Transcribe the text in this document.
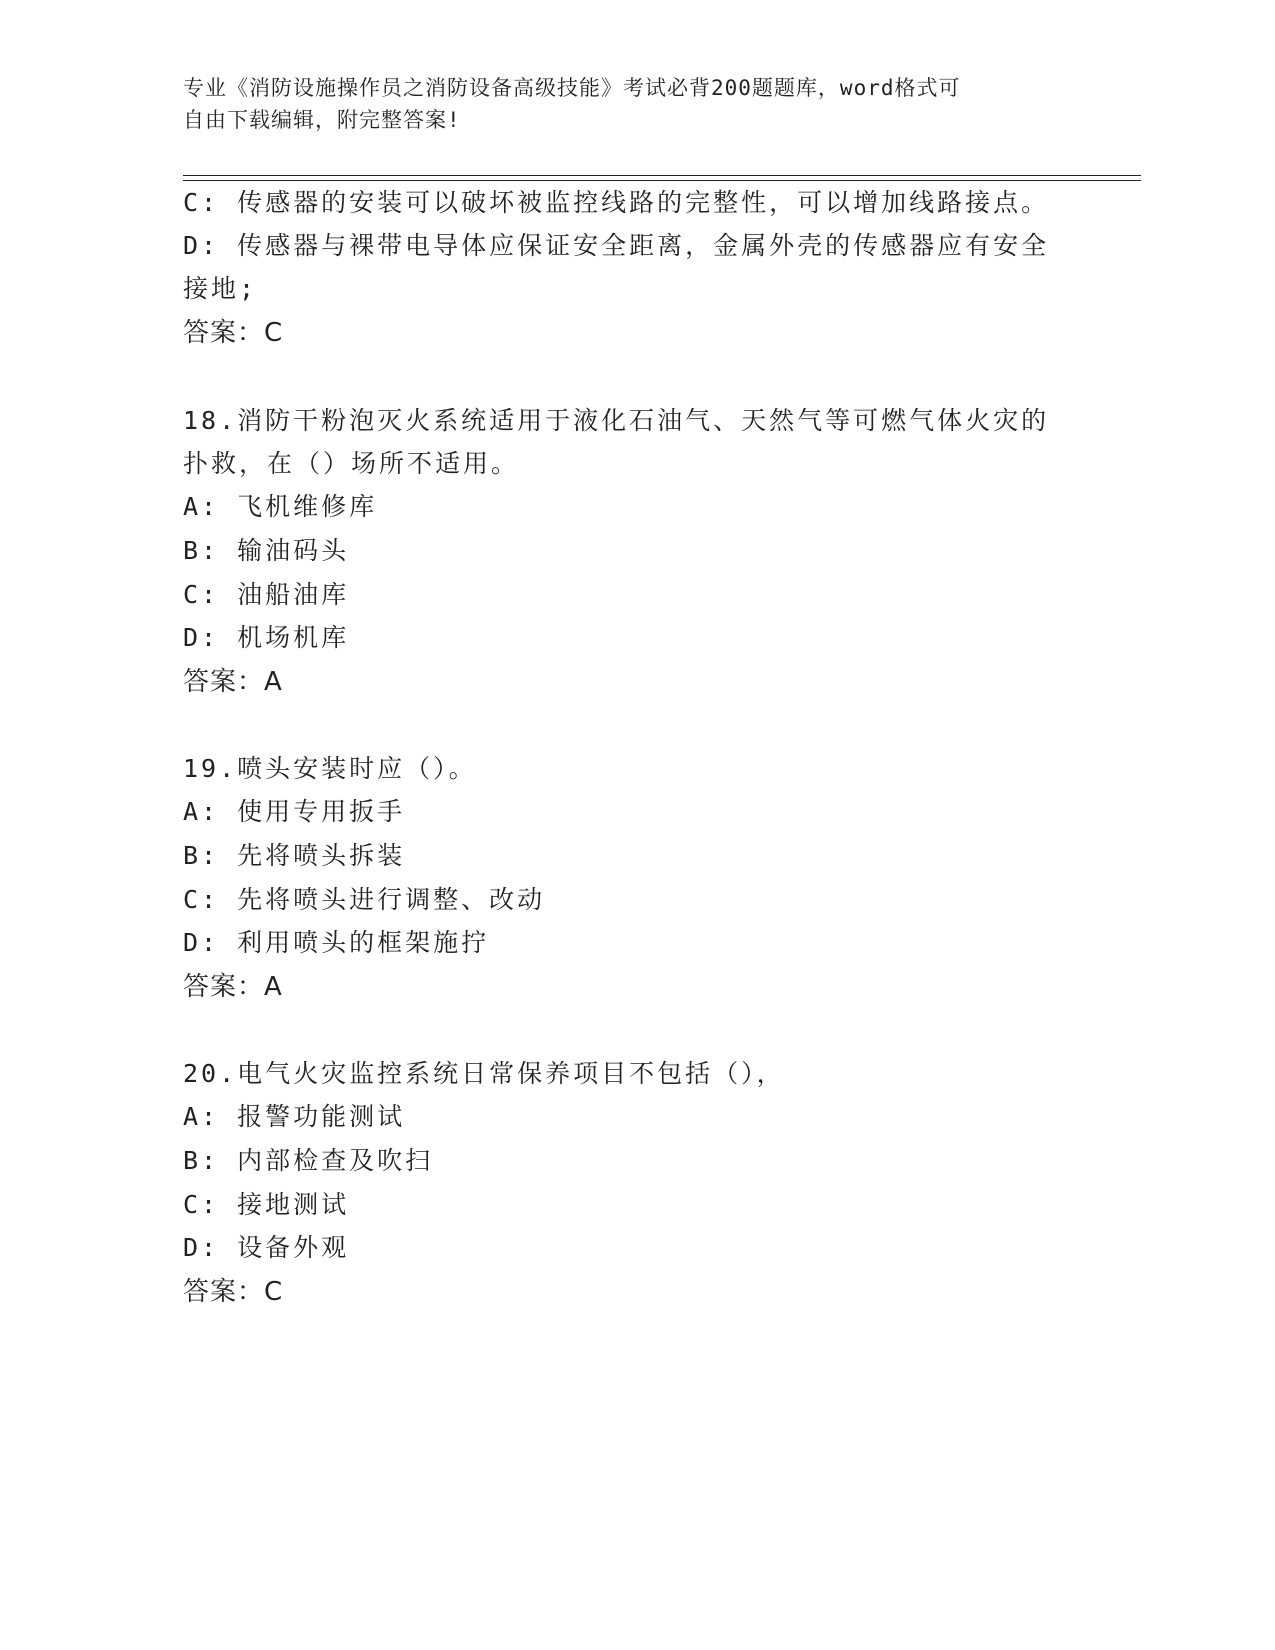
专业《消防设施操作员之消防设备高级技能》考试必背200题题库，word格式可
自由下载编辑，附完整答案!
C: 传感器的安装可以破坏被监控线路的完整性，可以增加线路接点。
D: 传感器与裸带电导体应保证安全距离，金属外壳的传感器应有安全
接地;
答案：C
18.消防干粉泡灭火系统适用于液化石油气、天然气等可燃气体火灾的
扑救，在（）场所不适用。
A: 飞机维修库
B: 输油码头
C: 油船油库
D: 机场机库
答案：A
19.喷头安装时应（）。
A: 使用专用扳手
B: 先将喷头拆装
C: 先将喷头进行调整、改动
D: 利用喷头的框架施拧
答案：A
20.电气火灾监控系统日常保养项目不包括（），
A: 报警功能测试
B: 内部检查及吹扫
C: 接地测试
D: 设备外观
答案：C
